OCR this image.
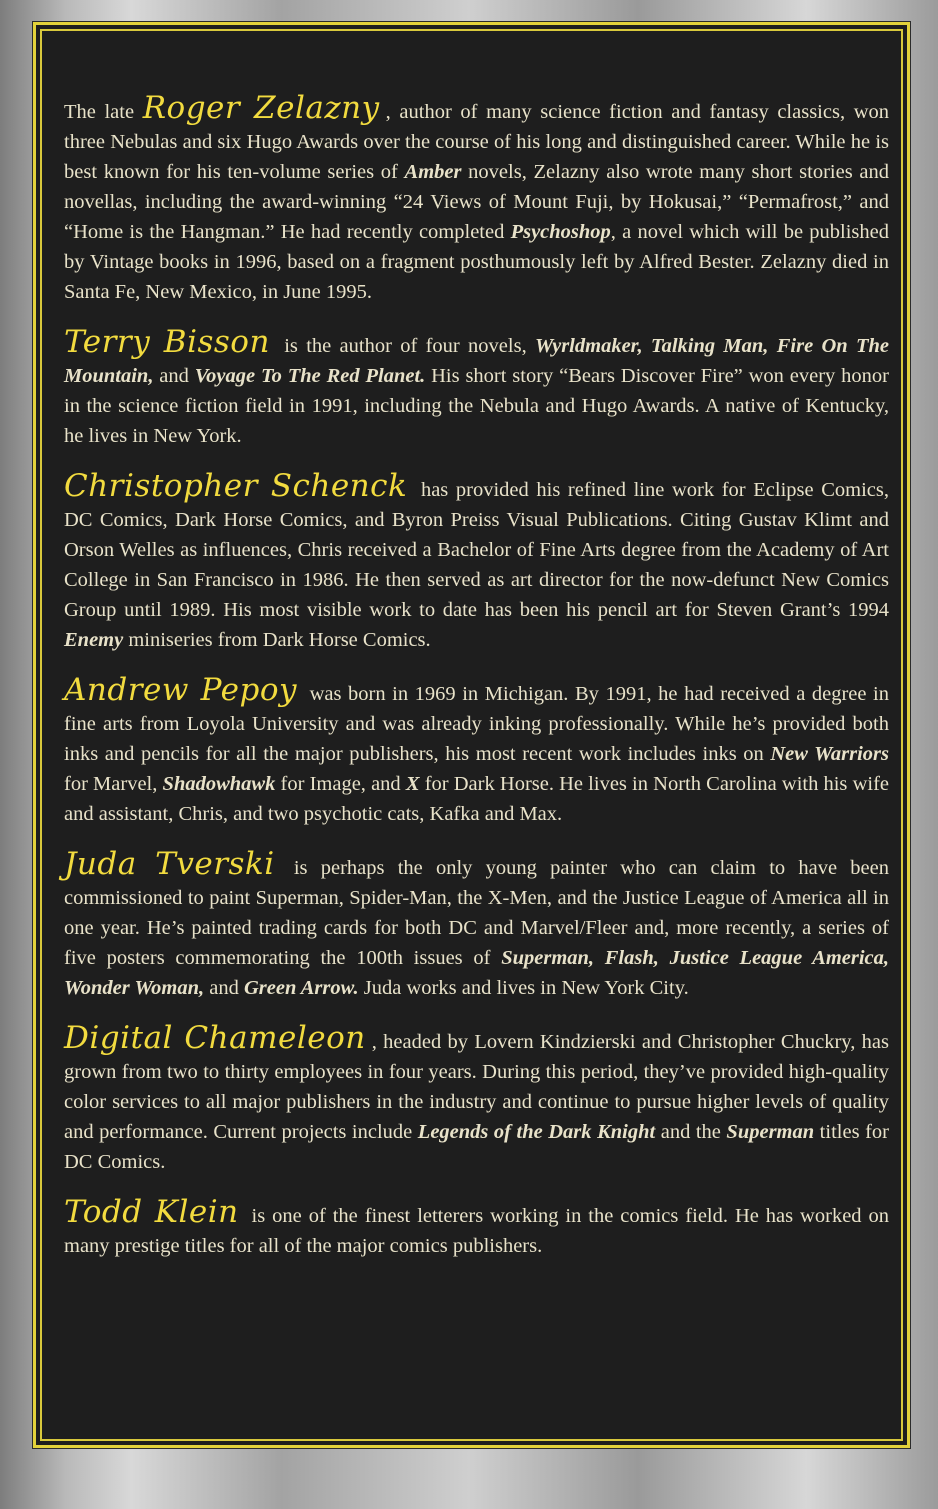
The late Roger Zelazny , author of many science fiction and fantasy classics, won three Nebulas and six Hugo Awards over the course of his long and distinguished career. While he is best known for his ten-volume series of Amber novels, Zelazny also wrote many short stories and novellas, including the award-winning “24 Views of Mount Fuji, by Hokusai,” “Permafrost,” and “Home is the Hangman.” He had recently completed Psychoshop, a novel which will be published by Vintage books in 1996, based on a fragment posthumously left by Alfred Bester. Zelazny died in Santa Fe, New Mexico, in June 1995.

Terry Bisson is the author of four novels, Wyrldmaker, Talking Man, Fire On The Mountain, and Voyage To The Red Planet. His short story “Bears Discover Fire” won every honor in the science fiction field in 1991, including the Nebula and Hugo Awards. A native of Kentucky, he lives in New York.

Christopher Schenck has provided his refined line work for Eclipse Comics, DC Comics, Dark Horse Comics, and Byron Preiss Visual Publications. Citing Gustav Klimt and Orson Welles as influences, Chris received a Bachelor of Fine Arts degree from the Academy of Art College in San Francisco in 1986. He then served as art director for the now-defunct New Comics Group until 1989. His most visible work to date has been his pencil art for Steven Grant’s 1994 Enemy miniseries from Dark Horse Comics.

Andrew Pepoy was born in 1969 in Michigan. By 1991, he had received a degree in fine arts from Loyola University and was already inking professionally. While he’s provided both inks and pencils for all the major publishers, his most recent work includes inks on New Warriors for Marvel, Shadowhawk for Image, and X for Dark Horse. He lives in North Carolina with his wife and assistant, Chris, and two psychotic cats, Kafka and Max.

Juda Tverski is perhaps the only young painter who can claim to have been commissioned to paint Superman, Spider-Man, the X-Men, and the Justice League of America all in one year. He’s painted trading cards for both DC and Marvel/Fleer and, more recently, a series of five posters commemorating the 100th issues of Superman, Flash, Justice League America, Wonder Woman, and Green Arrow. Juda works and lives in New York City.

Digital Chameleon , headed by Lovern Kindzierski and Christopher Chuckry, has grown from two to thirty employees in four years. During this period, they’ve provided high-quality color services to all major publishers in the industry and continue to pursue higher levels of quality and performance. Current projects include Legends of the Dark Knight and the Superman titles for DC Comics.

Todd Klein is one of the finest letterers working in the comics field. He has worked on many prestige titles for all of the major comics publishers.
